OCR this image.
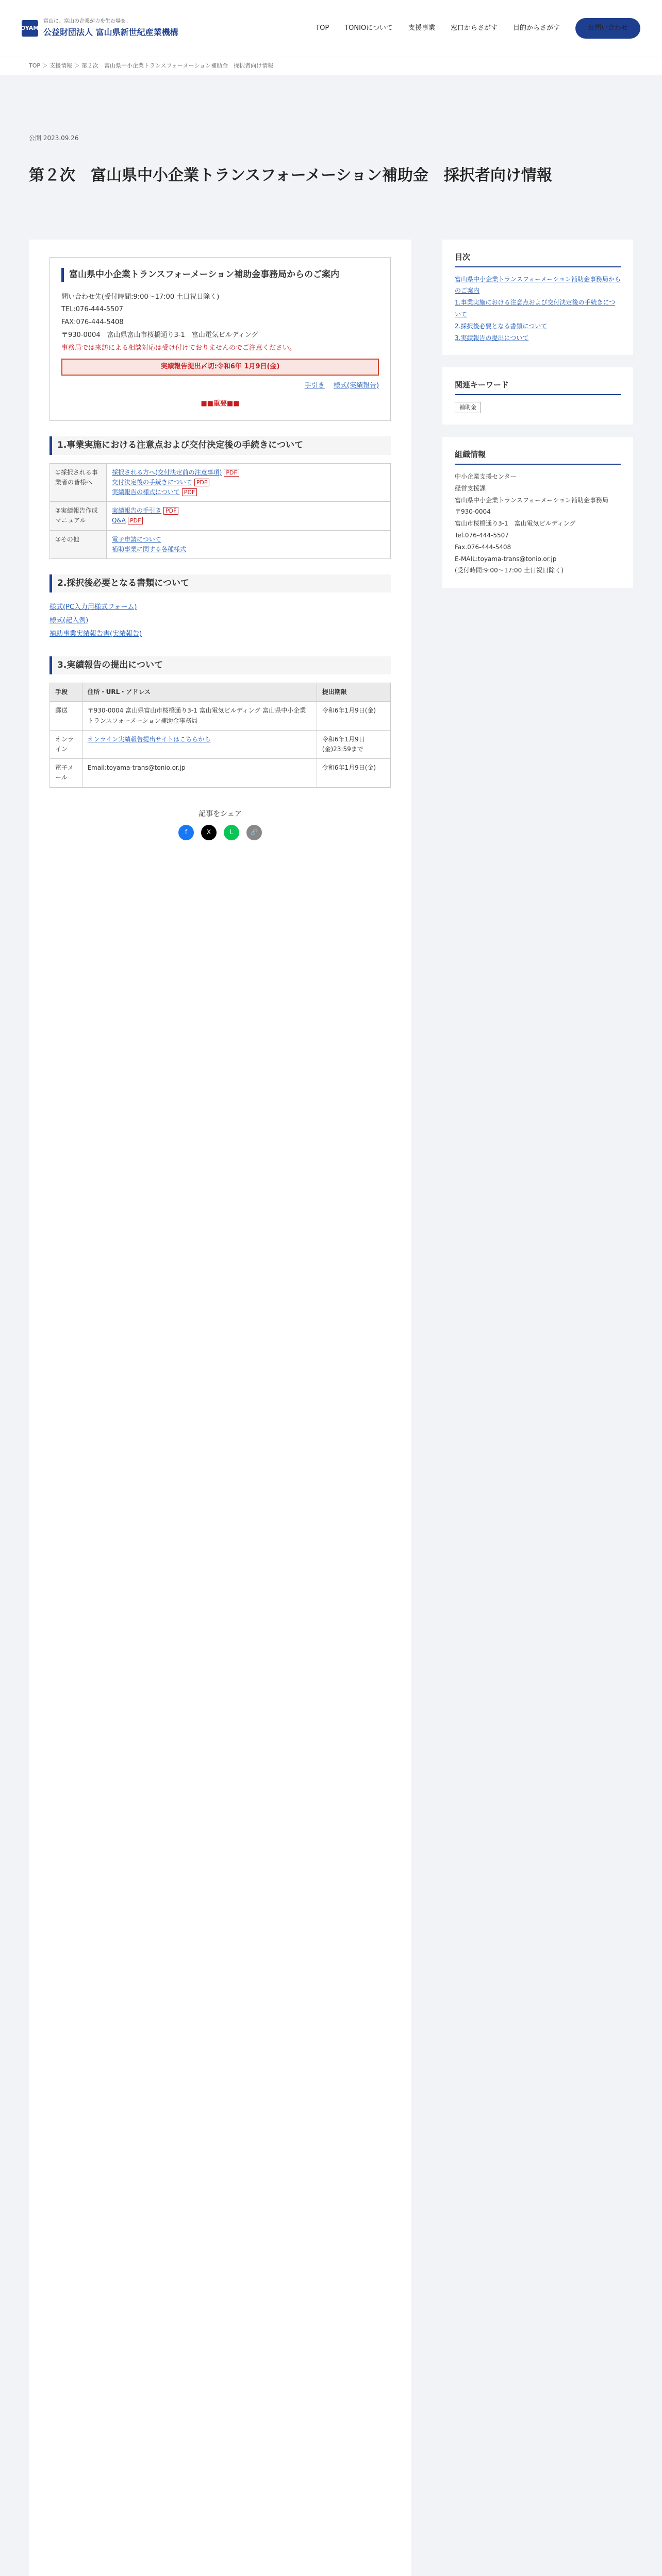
TOYAMA
富山に、富山の企業が力を生む場を。
公益財団法人 富山県新世紀産業機構	TOP TONIOについて 支援事業 窓口からさがす 目的からさがす	お問い合わせ
TOP ＞ 支援情報 ＞ 第２次　富山県中小企業トランスフォーメーション補助金　採択者向け情報
公開 2023.09.26
第２次　富山県中小企業トランスフォーメーション補助金　採択者向け情報
富山県中小企業トランスフォーメーション補助金事務局からのご案内

問い合わせ先(受付時間:9:00〜17:00 土日祝日除く)

TEL:076-444-5507

FAX:076-444-5408

〒930-0004　富山県富山市桜橋通り3-1　富山電気ビルディング

事務局では来訪による相談対応は受け付けておりませんのでご注意ください。

実績報告提出〆切:令和6年 1月9日(金)

手引き　 様式(実績報告)

■■重要■■

1.事業実施における注意点および交付決定後の手続きについて
①採択される事業者の皆様へ	採択される方へ(交付決定前の注意事項) PDF
交付決定後の手続きについて PDF
実績報告の様式について PDF

②実績報告作成マニュアル	実績報告の手引き PDF
Q&A PDF

③その他	電子申請について
補助事業に関する各種様式
2.採択後必要となる書類について
様式(PC入力用様式フォーム)
様式(記入例)
補助事業実績報告書(実績報告)
3.実績報告の提出について
手段	住所・URL・アドレス	提出期限
郵送	〒930-0004 富山県富山市桜橋通り3-1 富山電気ビルディング 富山県中小企業トランスフォーメーション補助金事務局	令和6年1月9日(金)
オンライン	オンライン実績報告提出サイトはこちらから	令和6年1月9日(金)23:59まで
電子メール	Email:toyama-trans@tonio.or.jp	令和6年1月9日(金)
記事をシェア
f	X	L	🔗
目次

富山県中小企業トランスフォーメーション補助金事務局からのご案内

1.事業実施における注意点および交付決定後の手続きについて

2.採択後必要となる書類について

3.実績報告の提出について

関連キーワード
補助金
組織情報

中小企業支援センター

経営支援課

富山県中小企業トランスフォーメーション補助金事務局

〒930-0004

富山市桜橋通り3-1　富山電気ビルディング

Tel.076-444-5507

Fax.076-444-5408

E-MAIL:toyama-trans@tonio.or.jp

(受付時間:9:00〜17:00 土日祝日除く)
